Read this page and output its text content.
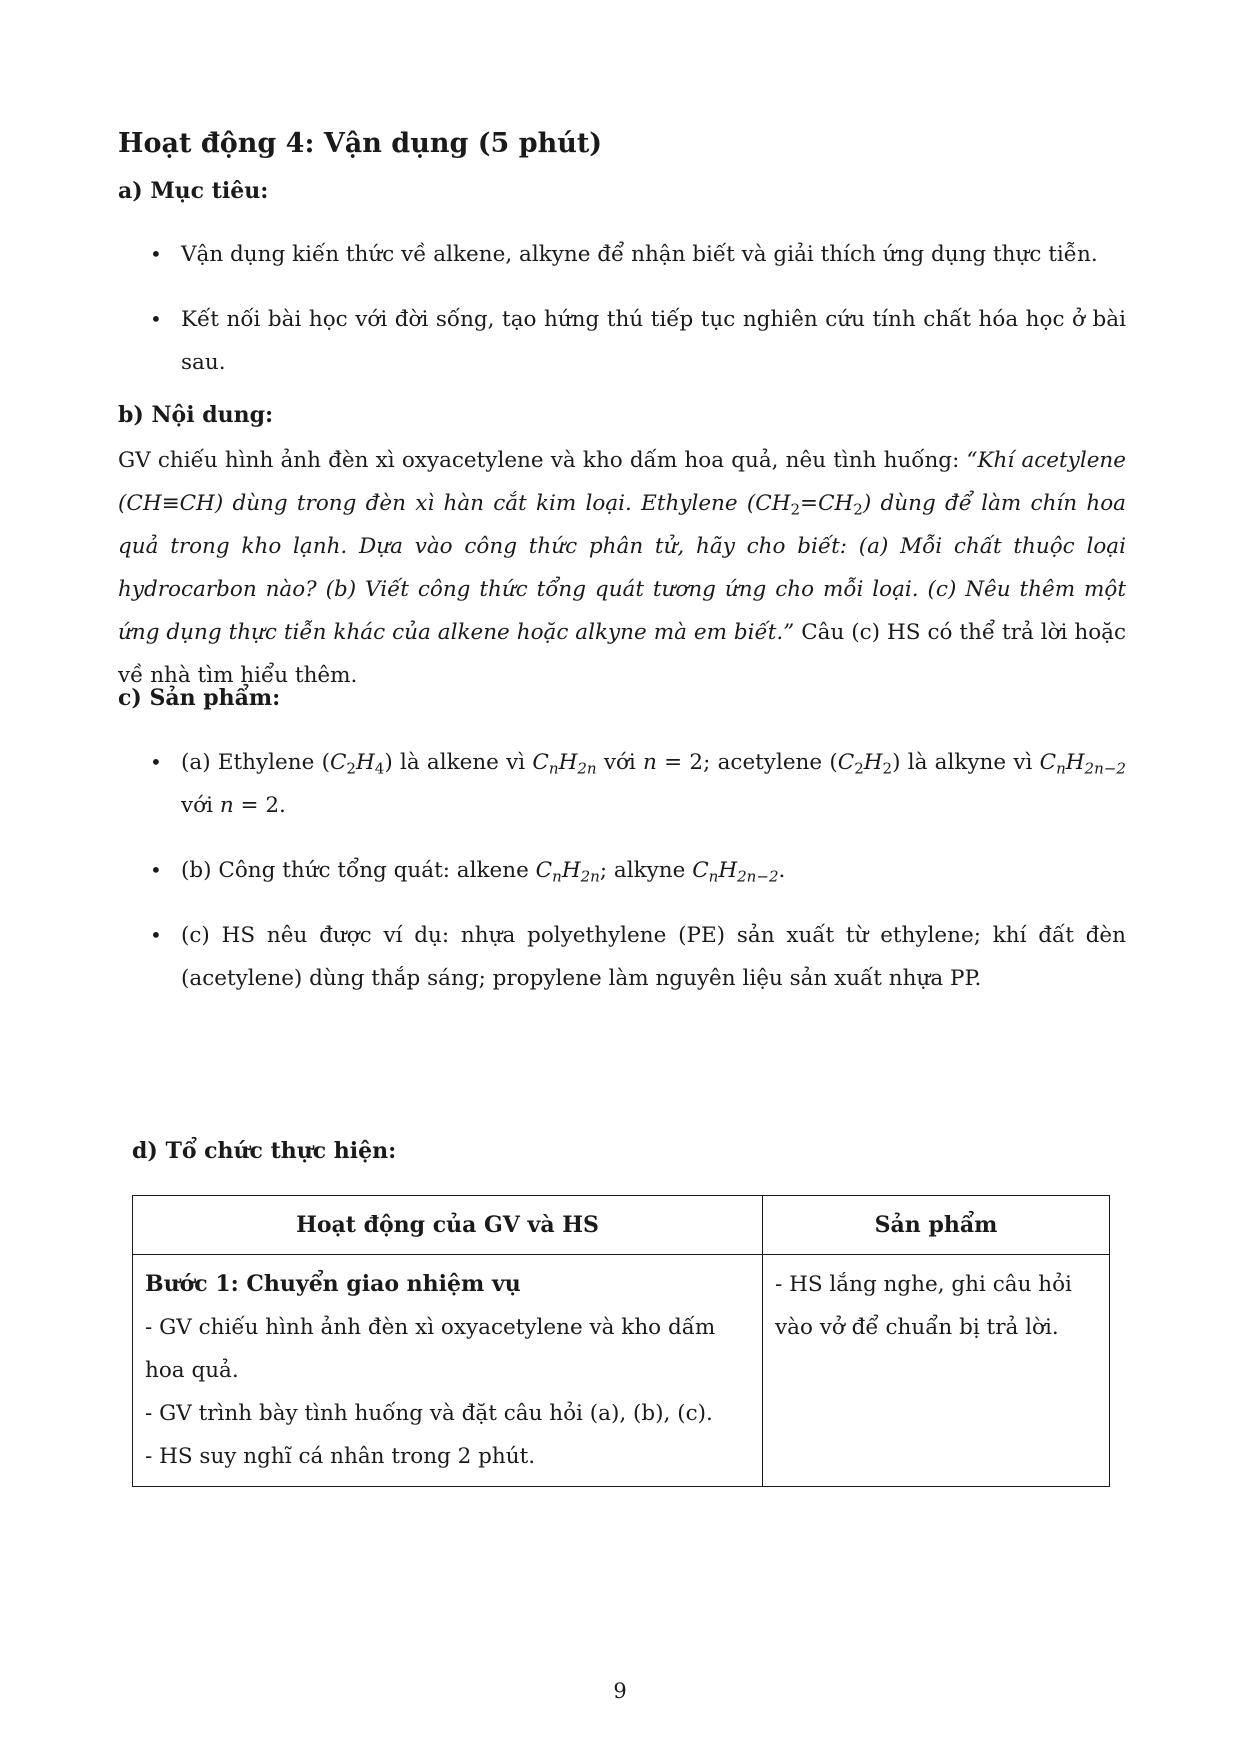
Hoạt động 4: Vận dụng (5 phút)
a) Mục tiêu:
• Vận dụng kiến thức về alkene, alkyne để nhận biết và giải thích ứng dụng thực tiễn.
• Kết nối bài học với đời sống, tạo hứng thú tiếp tục nghiên cứu tính chất hóa học ở bài sau.
b) Nội dung:

GV chiếu hình ảnh đèn xì oxyacetylene và kho dấm hoa quả, nêu tình huống: “Khí acetylene (CH≡CH) dùng trong đèn xì hàn cắt kim loại. Ethylene $(CH_2=CH_2)$ dùng để làm chín hoa quả trong kho lạnh. Dựa vào công thức phân tử, hãy cho biết: (a) Mỗi chất thuộc loại hydrocarbon nào? (b) Viết công thức tổng quát tương ứng cho mỗi loại. (c) Nêu thêm một ứng dụng thực tiễn khác của alkene hoặc alkyne mà em biết.” Câu (c) HS có thể trả lời hoặc về nhà tìm hiểu thêm.

c) Sản phẩm:
• (a) Ethylene $(C_2H_4)$ là alkene vì $C_nH_{2n}$ với n = 2; acetylene $(C_2H_2)$ là alkyne vì $C_nH_{2n-2}$ với n = 2.
• (b) Công thức tổng quát: alkene $C_nH_{2n}$; alkyne $C_nH_{2n-2}$.
• (c) HS nêu được ví dụ: nhựa polyethylene (PE) sản xuất từ ethylene; khí đất đèn (acetylene) dùng thắp sáng; propylene làm nguyên liệu sản xuất nhựa PP.
d) Tổ chức thực hiện:
Hoạt động của GV và HS	Sản phẩm

Bước 1: Chuyển giao nhiệm vụ
- GV chiếu hình ảnh đèn xì oxyacetylene và kho dấm hoa quả.
- GV trình bày tình huống và đặt câu hỏi (a), (b), (c).
- HS suy nghĩ cá nhân trong 2 phút.	- HS lắng nghe, ghi câu hỏi vào vở để chuẩn bị trả lời.
9
